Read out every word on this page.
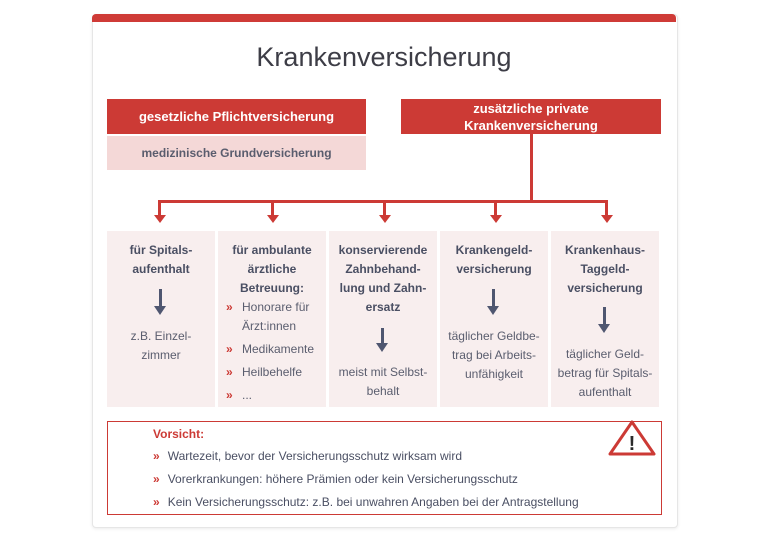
Krankenversicherung
gesetzliche Pflichtversicherung
medizinische Grundversicherung
zusätzliche private
Krankenversicherung
für Spitals-
aufenthalt
z.B. Einzel-
zimmer
für ambulante
ärztliche
Betreuung:
» Honorare für
Ärzt:innen
» Medikamente
» Heilbehelfe
» ...
konservierende
Zahnbehand-
lung und Zahn-
ersatz
meist mit Selbst-
behalt
Krankengeld-
versicherung
täglicher Geldbe-
trag bei Arbeits-
unfähigkeit
Krankenhaus-
Taggeld-
versicherung
täglicher Geld-
betrag für Spitals-
aufenthalt
Vorsicht:
» Wartezeit, bevor der Versicherungsschutz wirksam wird
» Vorerkrankungen: höhere Prämien oder kein Versicherungsschutz
» Kein Versicherungsschutz: z.B. bei unwahren Angaben bei der Antragstellung
!
